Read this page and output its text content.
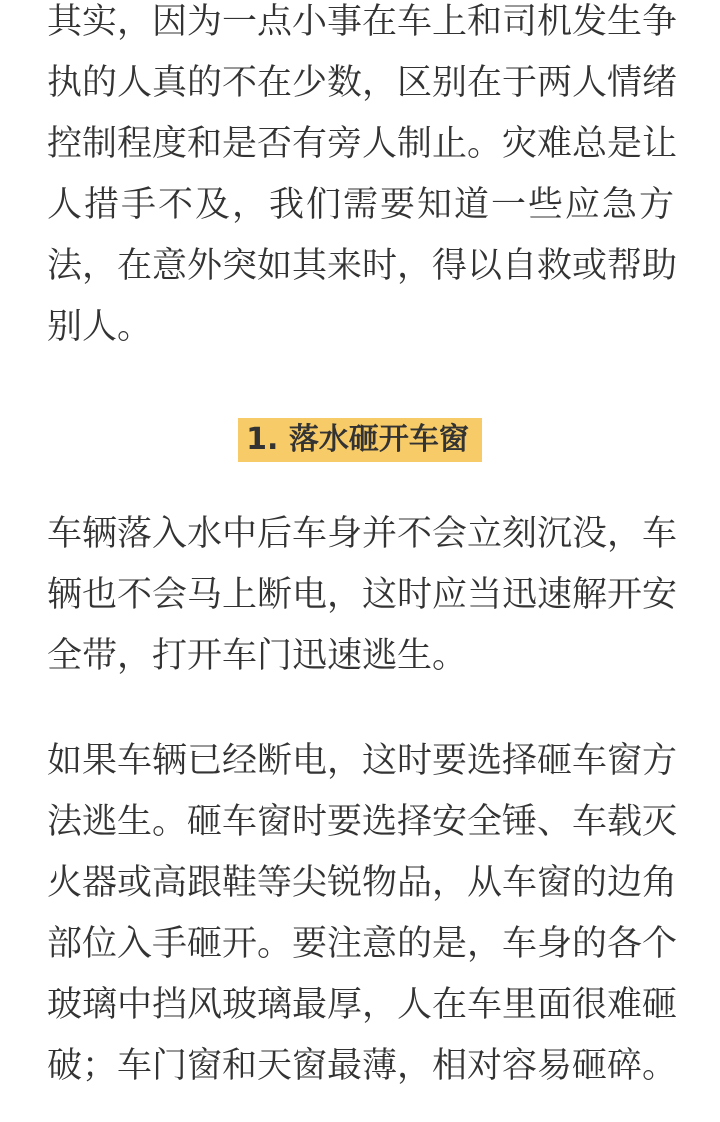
其实，因为一点小事在车上和司机发生争
执的人真的不在少数，区别在于两人情绪
控制程度和是否有旁人制止。灾难总是让
人措手不及，我们需要知道一些应急方
法，在意外突如其来时，得以自救或帮助
别人。
1. 落水砸开车窗
车辆落入水中后车身并不会立刻沉没，车
辆也不会马上断电，这时应当迅速解开安
全带，打开车门迅速逃生。
如果车辆已经断电，这时要选择砸车窗方
法逃生。砸车窗时要选择安全锤、车载灭
火器或高跟鞋等尖锐物品，从车窗的边角
部位入手砸开。要注意的是，车身的各个
玻璃中挡风玻璃最厚，人在车里面很难砸
破；车门窗和天窗最薄，相对容易砸碎。
